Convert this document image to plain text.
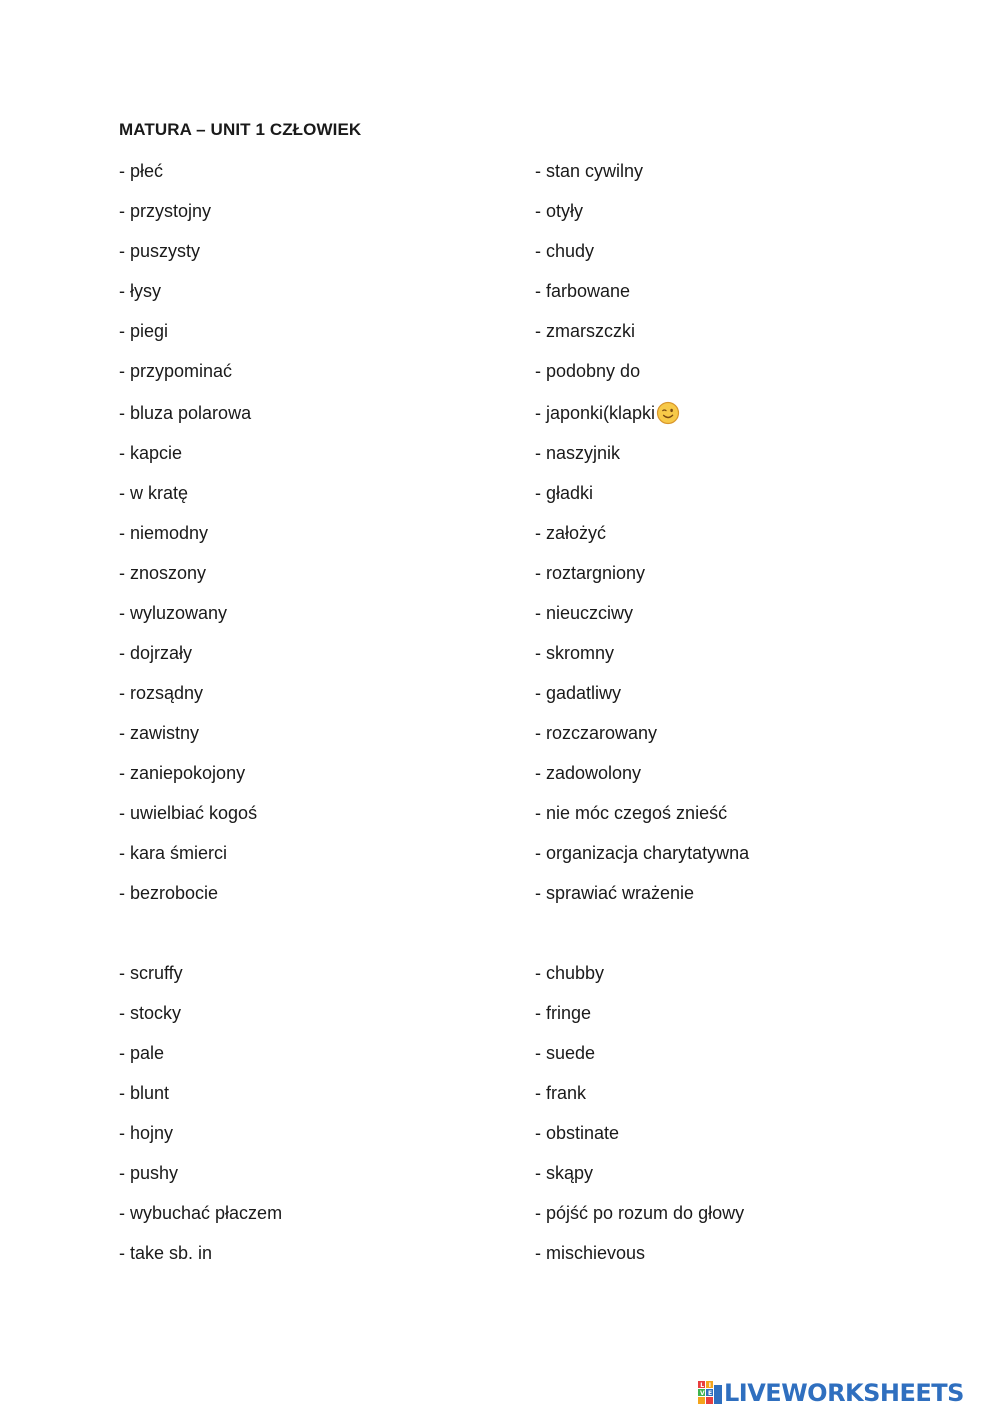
MATURA – UNIT 1 CZŁOWIEK
- płeć	- stan cywilny
- przystojny	- otyły
- puszysty	- chudy
- łysy	- farbowane
- piegi	- zmarszczki
- przypominać	- podobny do
- bluza polarowa	- japonki(klapki
- kapcie	- naszyjnik
- w kratę	- gładki
- niemodny	- założyć
- znoszony	- roztargniony
- wyluzowany	- nieuczciwy
- dojrzały	- skromny
- rozsądny	- gadatliwy
- zawistny	- rozczarowany
- zaniepokojony	- zadowolony
- uwielbiać kogoś	- nie móc czegoś znieść
- kara śmierci	- organizacja charytatywna
- bezrobocie	- sprawiać wrażenie
- scruffy	- chubby
- stocky	- fringe
- pale	- suede
- blunt	- frank
- hojny	- obstinate
- pushy	- skąpy
- wybuchać płaczem	- pójść po rozum do głowy
- take sb. in	- mischievous
L I
V E LIVEWORKSHEETS
